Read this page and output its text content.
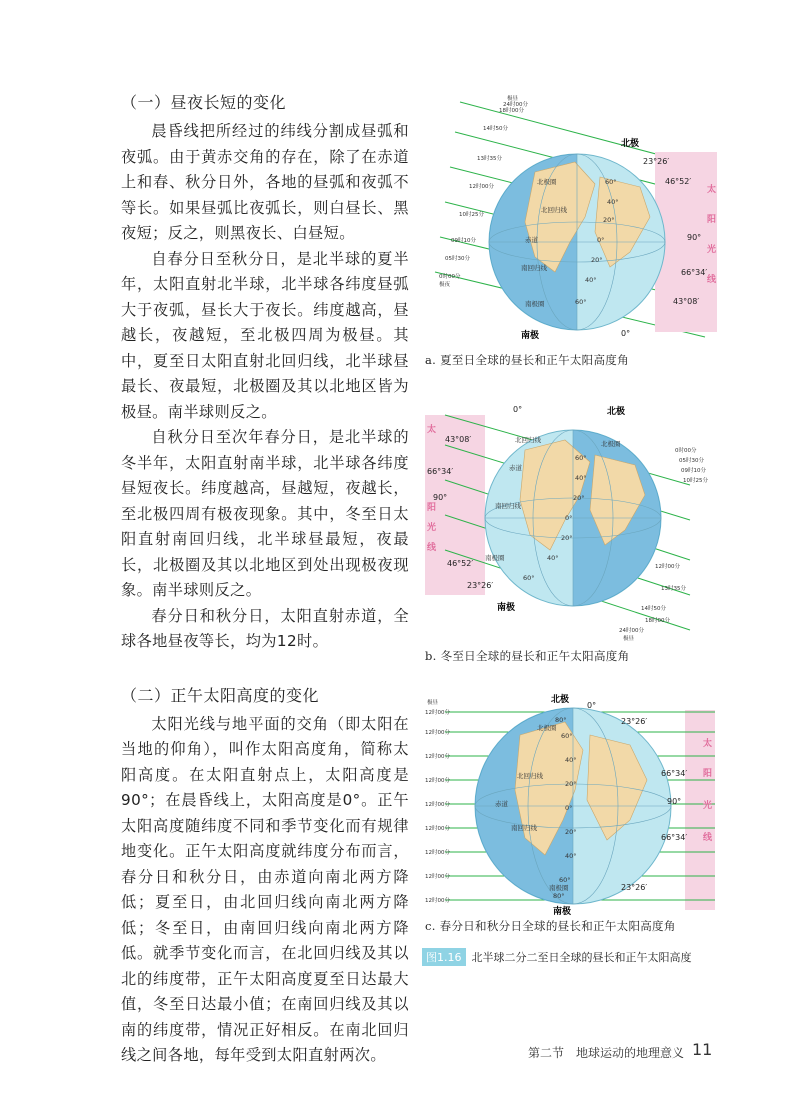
（一）昼夜长短的变化

晨昏线把所经过的纬线分割成昼弧和夜弧。由于黄赤交角的存在，除了在赤道上和春、秋分日外，各地的昼弧和夜弧不等长。如果昼弧比夜弧长，则白昼长、黑夜短；反之，则黑夜长、白昼短。

自春分日至秋分日，是北半球的夏半年，太阳直射北半球，北半球各纬度昼弧大于夜弧，昼长大于夜长。纬度越高，昼越长，夜越短，至北极四周为极昼。其中，夏至日太阳直射北回归线，北半球昼最长、夜最短，北极圈及其以北地区皆为极昼。南半球则反之。

自秋分日至次年春分日，是北半球的冬半年，太阳直射南半球，北半球各纬度昼短夜长。纬度越高，昼越短，夜越长，至北极四周有极夜现象。其中，冬至日太阳直射南回归线，北半球昼最短，夜最长，北极圈及其以北地区到处出现极夜现象。南半球则反之。

春分日和秋分日，太阳直射赤道，全球各地昼夜等长，均为12时。

（二）正午太阳高度的变化

太阳光线与地平面的交角（即太阳在当地的仰角），叫作太阳高度角，简称太阳高度。在太阳直射点上，太阳高度是90°；在晨昏线上，太阳高度是0°。正午太阳高度随纬度不同和季节变化而有规律地变化。正午太阳高度就纬度分布而言，春分日和秋分日，由赤道向南北两方降低；夏至日，由北回归线向南北两方降低；冬至日，由南回归线向南北两方降低。就季节变化而言，在北回归线及其以北的纬度带，正午太阳高度夏至日达最大值，冬至日达最小值；在南回归线及其以南的纬度带，情况正好相反。在南北回归线之间各地，每年受到太阳直射两次。

极昼
24时00分
18时00分
14时50分
13时35分
12时00分
10时25分
09时10分
05时30分
0时00分
极夜
北极圈
北回归线
赤道
南回归线
南极圈
60°
40°
20°
0°
20°
40°
60°
23°26′
46°52′
90°
66°34′
43°08′
0°
太
阳
光
线
北极
南极
a. 夏至日全球的昼长和正午太阳高度角
北极圈
北回归线
赤道
南回归线
南极圈
60°
40°
20°
0°
20°
40°
60°
0°
43°08′
66°34′
90°
46°52′
23°26′
太
阳
光
线
0时00分
05时30分
09时10分
10时25分
12时00分
13时35分
14时50分
18时00分
24时00分
极昼
北极
南极
b. 冬至日全球的昼长和正午太阳高度角
极昼
12时00分
12时00分
12时00分
12时00分
12时00分
12时00分
12时00分
12时00分
12时00分
北极圈
北回归线
赤道
南回归线
南极圈
80°
60°
40°
20°
0°
20°
40°
60°
80°
0°
23°26′
66°34′
90°
66°34′
23°26′
太
阳
光
线
北极
南极
c. 春分日和秋分日全球的昼长和正午太阳高度角
图1.16 北半球二分二至日全球的昼长和正午太阳高度
第二节　地球运动的地理意义 11
